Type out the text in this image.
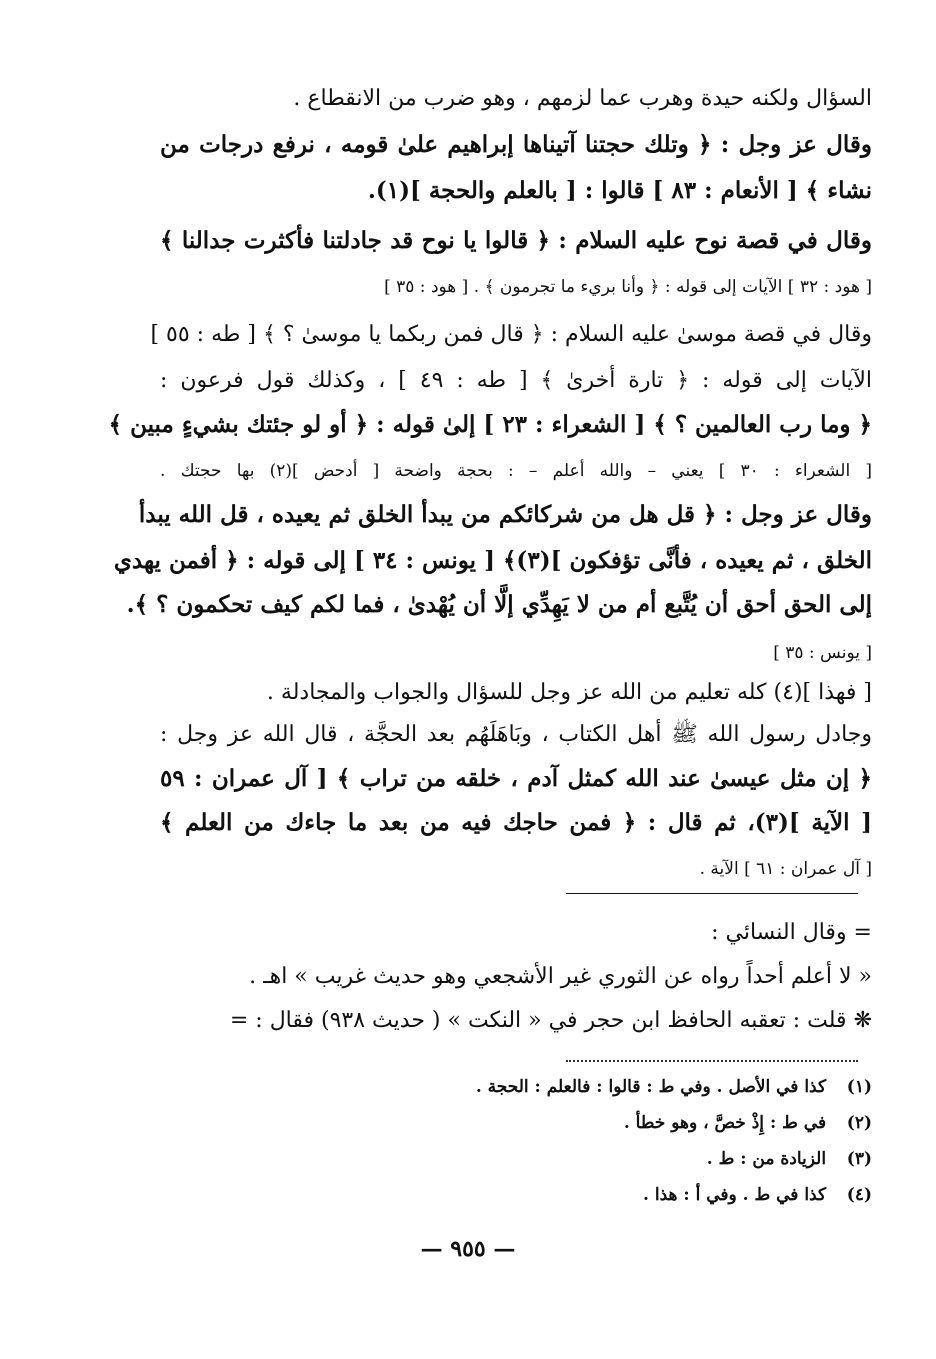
السؤال ولكنه حيدة وهرب عما لزمهم ، وهو ضرب من الانقطاع .
وقال عز وجل : ﴿ وتلك حجتنا آتيناها إبراهيم علىٰ قومه ، نرفع درجات من
نشاء ﴾ [ الأنعام : ٨٣ ] قالوا : [ بالعلم والحجة ](١).
وقال في قصة نوح عليه السلام : ﴿ قالوا يا نوح قد جادلتنا فأكثرت جدالنا ﴾
[ هود : ٣٢ ] الآيات إلى قوله : ﴿ وأنا بريء ما تجرمون ﴾ . [ هود : ٣٥ ]
وقال في قصة موسىٰ عليه السلام : ﴿ قال فمن ربكما يا موسىٰ ؟ ﴾ [ طه : ٥٥ ]
الآيات إلى قوله : ﴿ تارة أخرىٰ ﴾ [ طه : ٤٩ ] ، وكذلك قول فرعون :
﴿ وما رب العالمين ؟ ﴾ [ الشعراء : ٢٣ ] إلىٰ قوله : ﴿ أو لو جئتك بشيءٍ مبين ﴾
[ الشعراء : ٣٠ ] يعني – والله أعلم – : بحجة واضحة [ أدحض ](٢) بها حجتك .
وقال عز وجل : ﴿ قل هل من شركائكم من يبدأ الخلق ثم يعيده ، قل الله يبدأ
الخلق ، ثم يعيده ، فأنَّى تؤفكون ](٣)﴾ [ يونس : ٣٤ ] إلى قوله : ﴿ أفمن يهدي
إلى الحق أحق أن يُتَّبع أم من لا يَهِدِّي إلَّا أن يُهْدىٰ ، فما لكم كيف تحكمون ؟ ﴾.
[ يونس : ٣٥ ]
[ فهذا ](٤) كله تعليم من الله عز وجل للسؤال والجواب والمجادلة .
وجادل رسول الله ﷺ أهل الكتاب ، وبَاهَلَهُم بعد الحجَّة ، قال الله عز وجل :
﴿ إن مثل عيسىٰ عند الله كمثل آدم ، خلقه من تراب ﴾ [ آل عمران : ٥٩
[ الآية ](٣)، ثم قال : ﴿ فمن حاجك فيه من بعد ما جاءك من العلم ﴾
[ آل عمران : ٦١ ] الآية .
= وقال النسائي :
« لا أعلم أحداً رواه عن الثوري غير الأشجعي وهو حديث غريب » اهـ .
❋ قلت : تعقبه الحافظ ابن حجر في « النكت » ( حديث ٩٣٨) فقال : =
(١) كذا في الأصل . وفي ط : قالوا : فالعلم : الحجة .
(٢) في ط : إِذْ خصَّ ، وهو خطأ .
(٣) الزيادة من : ط .
(٤) كذا في ط . وفي أ : هذا .
— ٩٥٥ —
